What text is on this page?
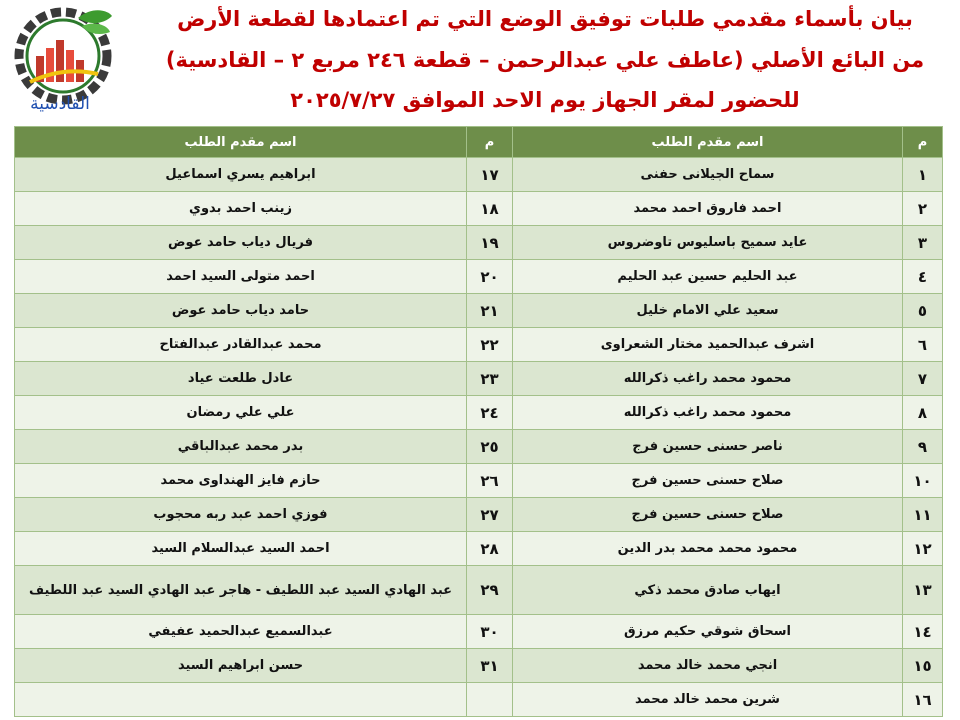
بيان بأسماء مقدمي طلبات توفيق الوضع التي تم اعتمادها لقطعة الأرض
من البائع الأصلي (عاطف علي عبدالرحمن – قطعة ٢٤٦ مربع ٢ – القادسية)
للحضور لمقر الجهاز يوم الاحد الموافق ٢٠٢٥/٧/٢٧
القادسية
م	اسم مقدم الطلب	م	اسم مقدم الطلب
١	سماح الجيلانى حفنى	١٧	ابراهيم يسري اسماعيل
٢	احمد فاروق احمد محمد	١٨	زينب احمد بدوي
٣	عايد سميح باسليوس تاوضروس	١٩	فريال دياب حامد عوض
٤	عبد الحليم حسين عبد الحليم	٢٠	احمد متولى السيد احمد
٥	سعيد علي الامام خليل	٢١	حامد دياب حامد عوض
٦	اشرف عبدالحميد مختار الشعراوى	٢٢	محمد عبدالقادر عبدالفتاح
٧	محمود محمد راغب ذكرالله	٢٣	عادل طلعت عياد
٨	محمود محمد راغب ذكرالله	٢٤	علي علي رمضان
٩	ناصر حسنى حسين فرج	٢٥	بدر محمد عبدالباقي
١٠	صلاح حسنى حسين فرج	٢٦	حازم فايز الهنداوى محمد
١١	صلاح حسنى حسين فرج	٢٧	فوزي احمد عبد ربه محجوب
١٢	محمود محمد محمد بدر الدين	٢٨	احمد السيد عبدالسلام السيد
١٣	ايهاب صادق محمد ذكي	٢٩	عبد الهادي السيد عبد اللطيف - هاجر عبد الهادي السيد عبد اللطيف
١٤	اسحاق شوقي حكيم مرزق	٣٠	عبدالسميع عبدالحميد عفيفي
١٥	انجي محمد خالد محمد	٣١	حسن ابراهيم السيد
١٦	شرين محمد خالد محمد		
